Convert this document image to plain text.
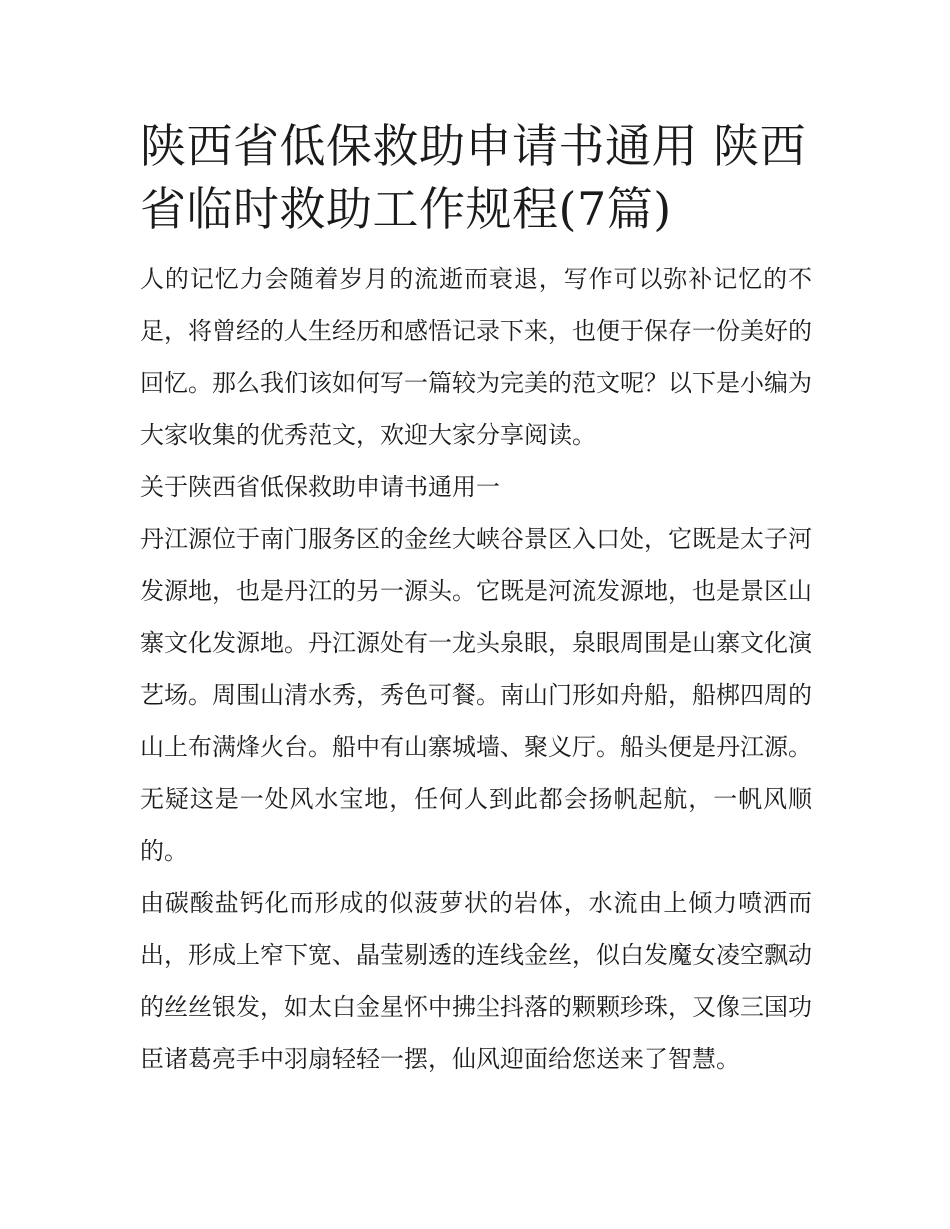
陕西省低保救助申请书通用 陕西省临时救助工作规程(7篇)

人的记忆力会随着岁月的流逝而衰退，写作可以弥补记忆的不足，将曾经的人生经历和感悟记录下来，也便于保存一份美好的回忆。那么我们该如何写一篇较为完美的范文呢？以下是小编为大家收集的优秀范文，欢迎大家分享阅读。

关于陕西省低保救助申请书通用一

丹江源位于南门服务区的金丝大峡谷景区入口处，它既是太子河发源地，也是丹江的另一源头。它既是河流发源地，也是景区山寨文化发源地。丹江源处有一龙头泉眼，泉眼周围是山寨文化演艺场。周围山清水秀，秀色可餐。南山门形如舟船，船梆四周的山上布满烽火台。船中有山寨城墙、聚义厅。船头便是丹江源。无疑这是一处风水宝地，任何人到此都会扬帆起航，一帆风顺的。

由碳酸盐钙化而形成的似菠萝状的岩体，水流由上倾力喷洒而出，形成上窄下宽、晶莹剔透的连线金丝，似白发魔女凌空飘动的丝丝银发，如太白金星怀中拂尘抖落的颗颗珍珠，又像三国功臣诸葛亮手中羽扇轻轻一摆，仙风迎面给您送来了智慧。
